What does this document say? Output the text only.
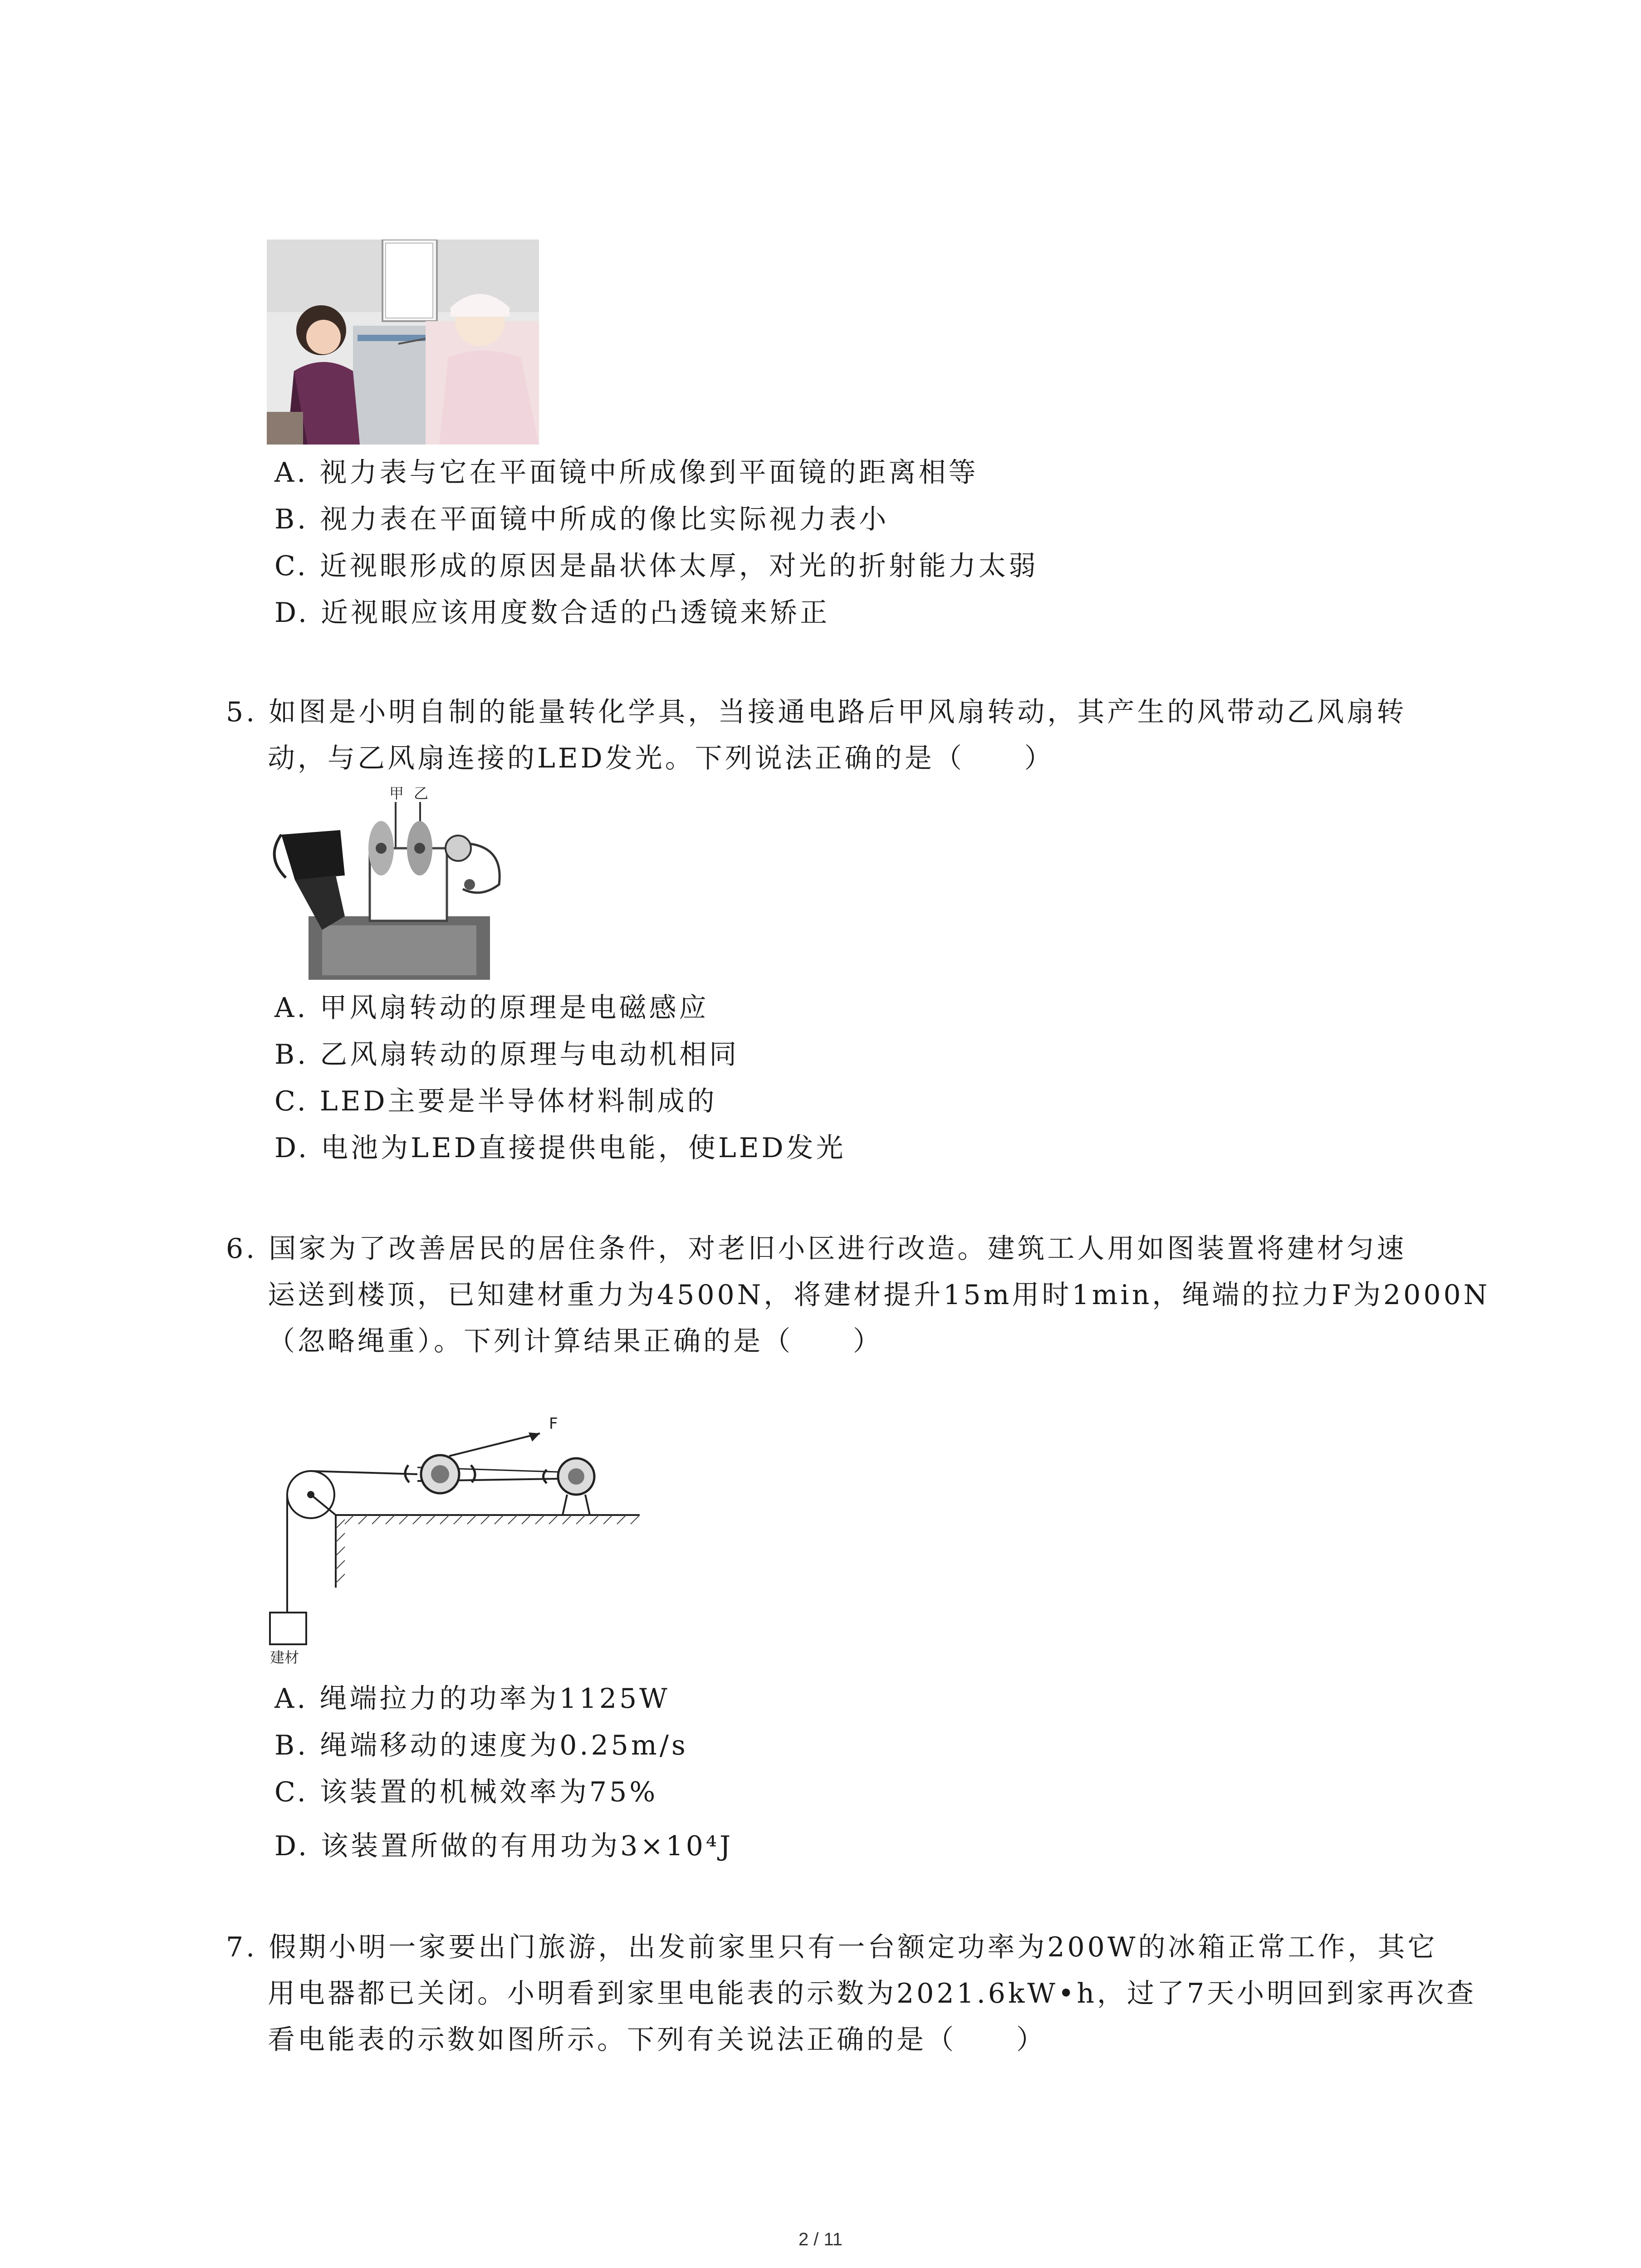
A. 视力表与它在平面镜中所成像到平面镜的距离相等
B. 视力表在平面镜中所成的像比实际视力表小
C. 近视眼形成的原因是晶状体太厚，对光的折射能力太弱
D. 近视眼应该用度数合适的凸透镜来矫正
5. 如图是小明自制的能量转化学具，当接通电路后甲风扇转动，其产生的风带动乙风扇转
动，与乙风扇连接的LED发光。下列说法正确的是（　　）
甲 乙
A. 甲风扇转动的原理是电磁感应
B. 乙风扇转动的原理与电动机相同
C. LED主要是半导体材料制成的
D. 电池为LED直接提供电能，使LED发光
6. 国家为了改善居民的居住条件，对老旧小区进行改造。建筑工人用如图装置将建材匀速
运送到楼顶，已知建材重力为4500N，将建材提升15m用时1min，绳端的拉力F为2000N
（忽略绳重）。下列计算结果正确的是（　　）
建材
F
A. 绳端拉力的功率为1125W
B. 绳端移动的速度为0.25m/s
C. 该装置的机械效率为75%
D. 该装置所做的有用功为3×10⁴J
7. 假期小明一家要出门旅游，出发前家里只有一台额定功率为200W的冰箱正常工作，其它
用电器都已关闭。小明看到家里电能表的示数为2021.6kW•h，过了7天小明回到家再次查
看电能表的示数如图所示。下列有关说法正确的是（　　）
2 / 11
